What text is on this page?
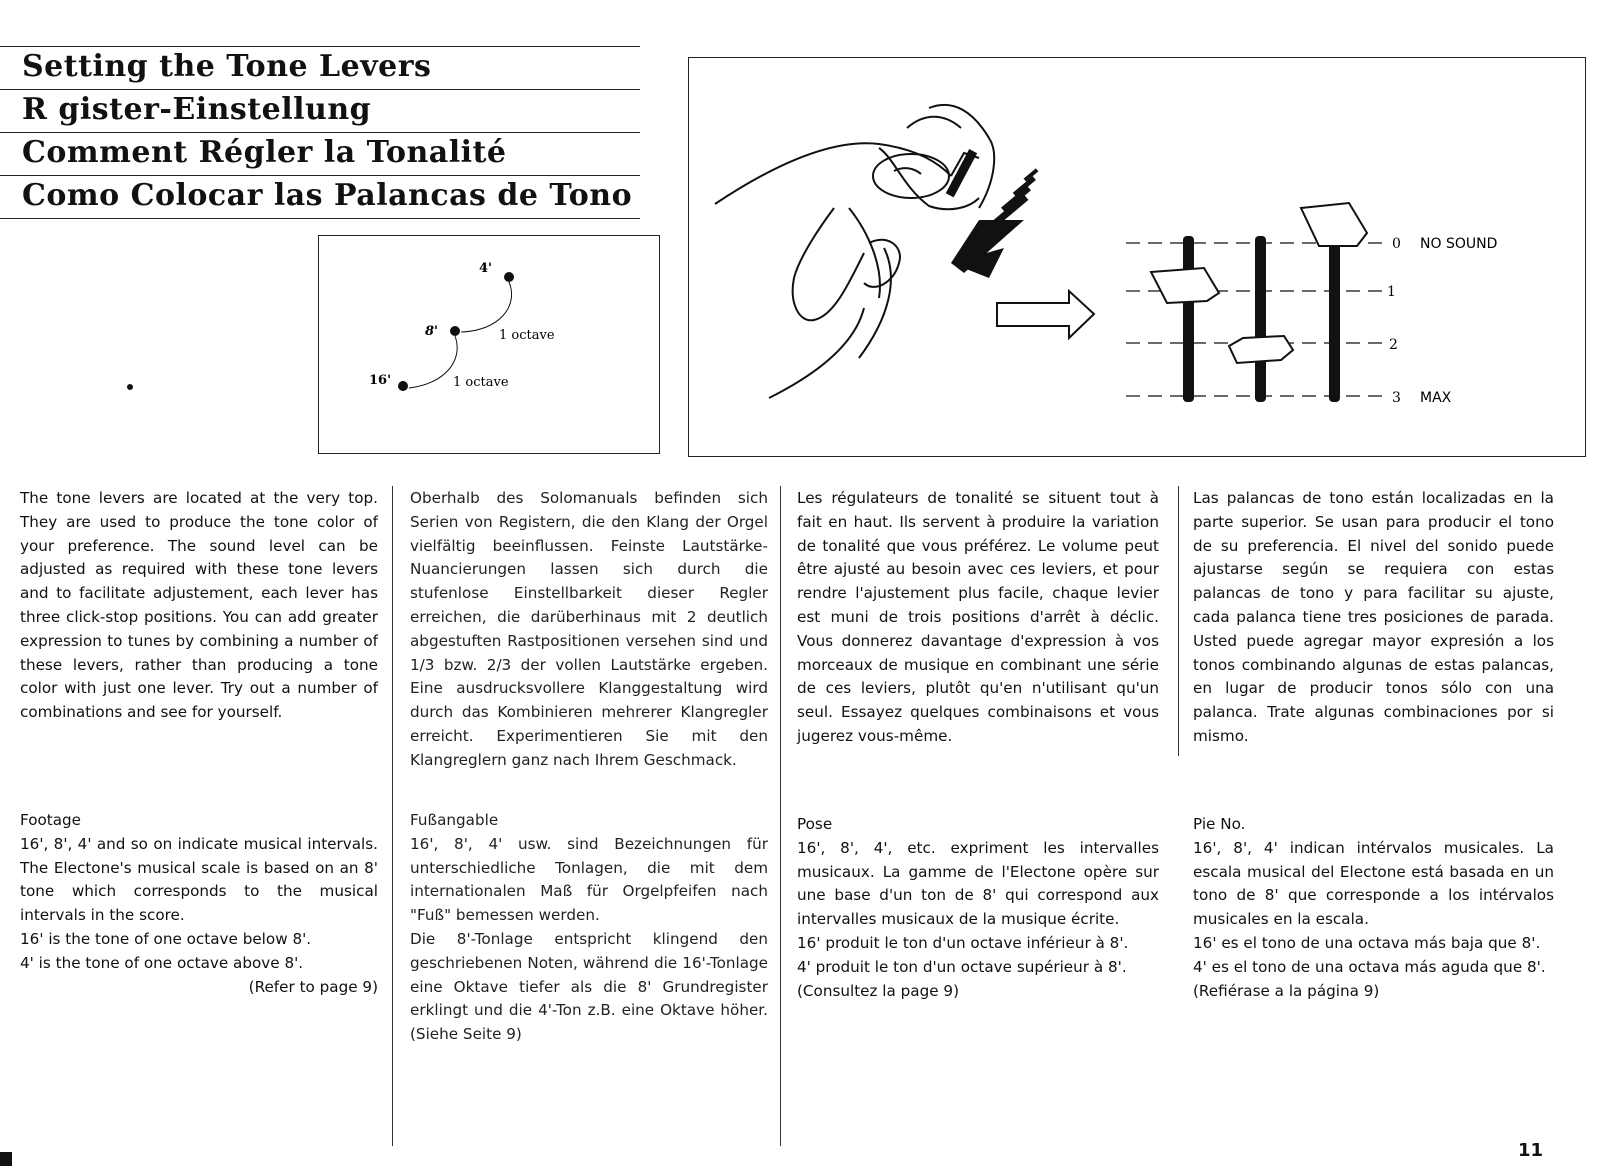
Setting the Tone Levers
R gister-Einstellung
Comment Régler la Tonalité
Como Colocar las Palancas de Tono
4'
8'
16'
1 octave
1 octave
0
1
2
3
NO SOUND
MAX

The tone levers are located at the very top. They are used to produce the tone color of your preference. The sound level can be adjusted as required with these tone levers and to facilitate adjustement, each lever has three click-stop positions. You can add greater expression to tunes by combining a number of these levers, rather than producing a tone color with just one lever. Try out a number of combinations and see for yourself.

Footage

16', 8', 4' and so on indicate musical intervals. The Electone's musical scale is based on an 8' tone which corresponds to the musical intervals in the score.

16' is the tone of one octave below 8'.

4' is the tone of one octave above 8'.

(Refer to page 9)

Oberhalb des Solomanuals befinden sich Serien von Registern, die den Klang der Orgel vielfältig beeinflussen. Feinste Lautstärke-Nuancierungen lassen sich durch die stufenlose Einstellbarkeit dieser Regler erreichen, die darüberhinaus mit 2 deutlich abgestuften Rastpositionen versehen sind und 1/3 bzw. 2/3 der vollen Lautstärke ergeben. Eine ausdrucksvollere Klanggestaltung wird durch das Kombinieren mehrerer Klangregler erreicht. Experimentieren Sie mit den Klangreglern ganz nach Ihrem Geschmack.

Fußangable

16', 8', 4' usw. sind Bezeichnungen für unterschiedliche Tonlagen, die mit dem internationalen Maß für Orgelpfeifen nach "Fuß" bemessen werden.

Die 8'-Tonlage entspricht klingend den geschriebenen Noten, während die 16'-Tonlage eine Oktave tiefer als die 8' Grundregister erklingt und die 4'-Ton z.B. eine Oktave höher. (Siehe Seite 9)

Les régulateurs de tonalité se situent tout à fait en haut. Ils servent à produire la variation de tonalité que vous préférez. Le volume peut être ajusté au besoin avec ces leviers, et pour rendre l'ajustement plus facile, chaque levier est muni de trois positions d'arrêt à déclic. Vous donnerez davantage d'expression à vos morceaux de musique en combinant une série de ces leviers, plutôt qu'en n'utilisant qu'un seul. Essayez quelques combinaisons et vous jugerez vous-même.

Pose

16', 8', 4', etc. expriment les intervalles musicaux. La gamme de l'Electone opère sur une base d'un ton de 8' qui correspond aux intervalles musicaux de la musique écrite.

16' produit le ton d'un octave inférieur à 8'.

4' produit le ton d'un octave supérieur à 8'.

(Consultez la page 9)

Las palancas de tono están localizadas en la parte superior. Se usan para producir el tono de su preferencia. El nivel del sonido puede ajustarse según se requiera con estas palancas de tono y para facilitar su ajuste, cada palanca tiene tres posiciones de parada. Usted puede agregar mayor expresión a los tonos combinando algunas de estas palancas, en lugar de producir tonos sólo con una palanca. Trate algunas combinaciones por si mismo.

Pie No.

16', 8', 4' indican intérvalos musicales. La escala musical del Electone está basada en un tono de 8' que corresponde a los intérvalos musicales en la escala.

16' es el tono de una octava más baja que 8'.

4' es el tono de una octava más aguda que 8'.

(Refiérase a la página 9)

11
